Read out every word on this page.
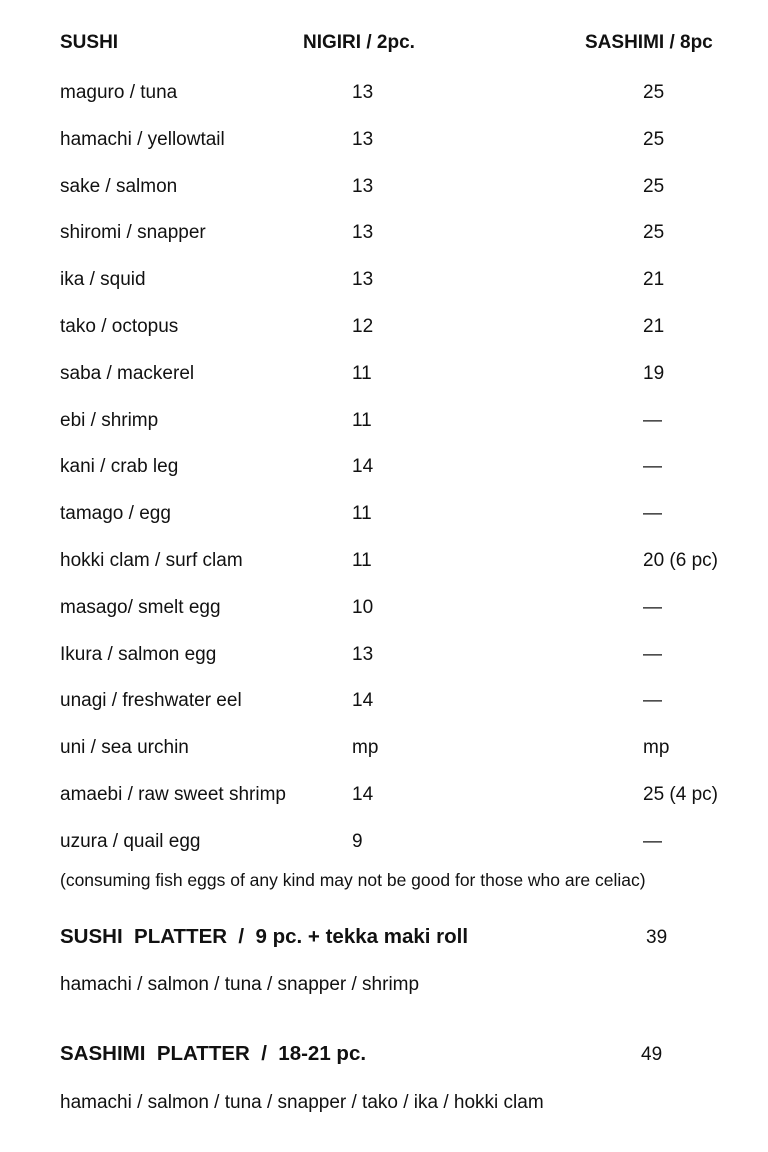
SUSHI	NIGIRI / 2pc.	SASHIMI / 8pc
maguro / tuna	13	25
hamachi / yellowtail	13	25
sake / salmon	13	25
shiromi / snapper	13	25
ika / squid	13	21
tako / octopus	12	21
saba / mackerel	11	19
ebi / shrimp	11	—
kani / crab leg	14	—
tamago / egg	11	—
hokki clam / surf clam	11	20 (6 pc)
masago/ smelt egg	10	—
Ikura / salmon egg	13	—
unagi / freshwater eel	14	—
uni / sea urchin	mp	mp
amaebi / raw sweet shrimp	14	25 (4 pc)
uzura / quail egg	9	—
(consuming fish eggs of any kind may not be good for those who are celiac)
SUSHI  PLATTER  /  9 pc. + tekka maki roll	39
hamachi / salmon / tuna / snapper / shrimp
SASHIMI  PLATTER  /  18-21 pc.	49
hamachi / salmon / tuna / snapper / tako / ika / hokki clam
